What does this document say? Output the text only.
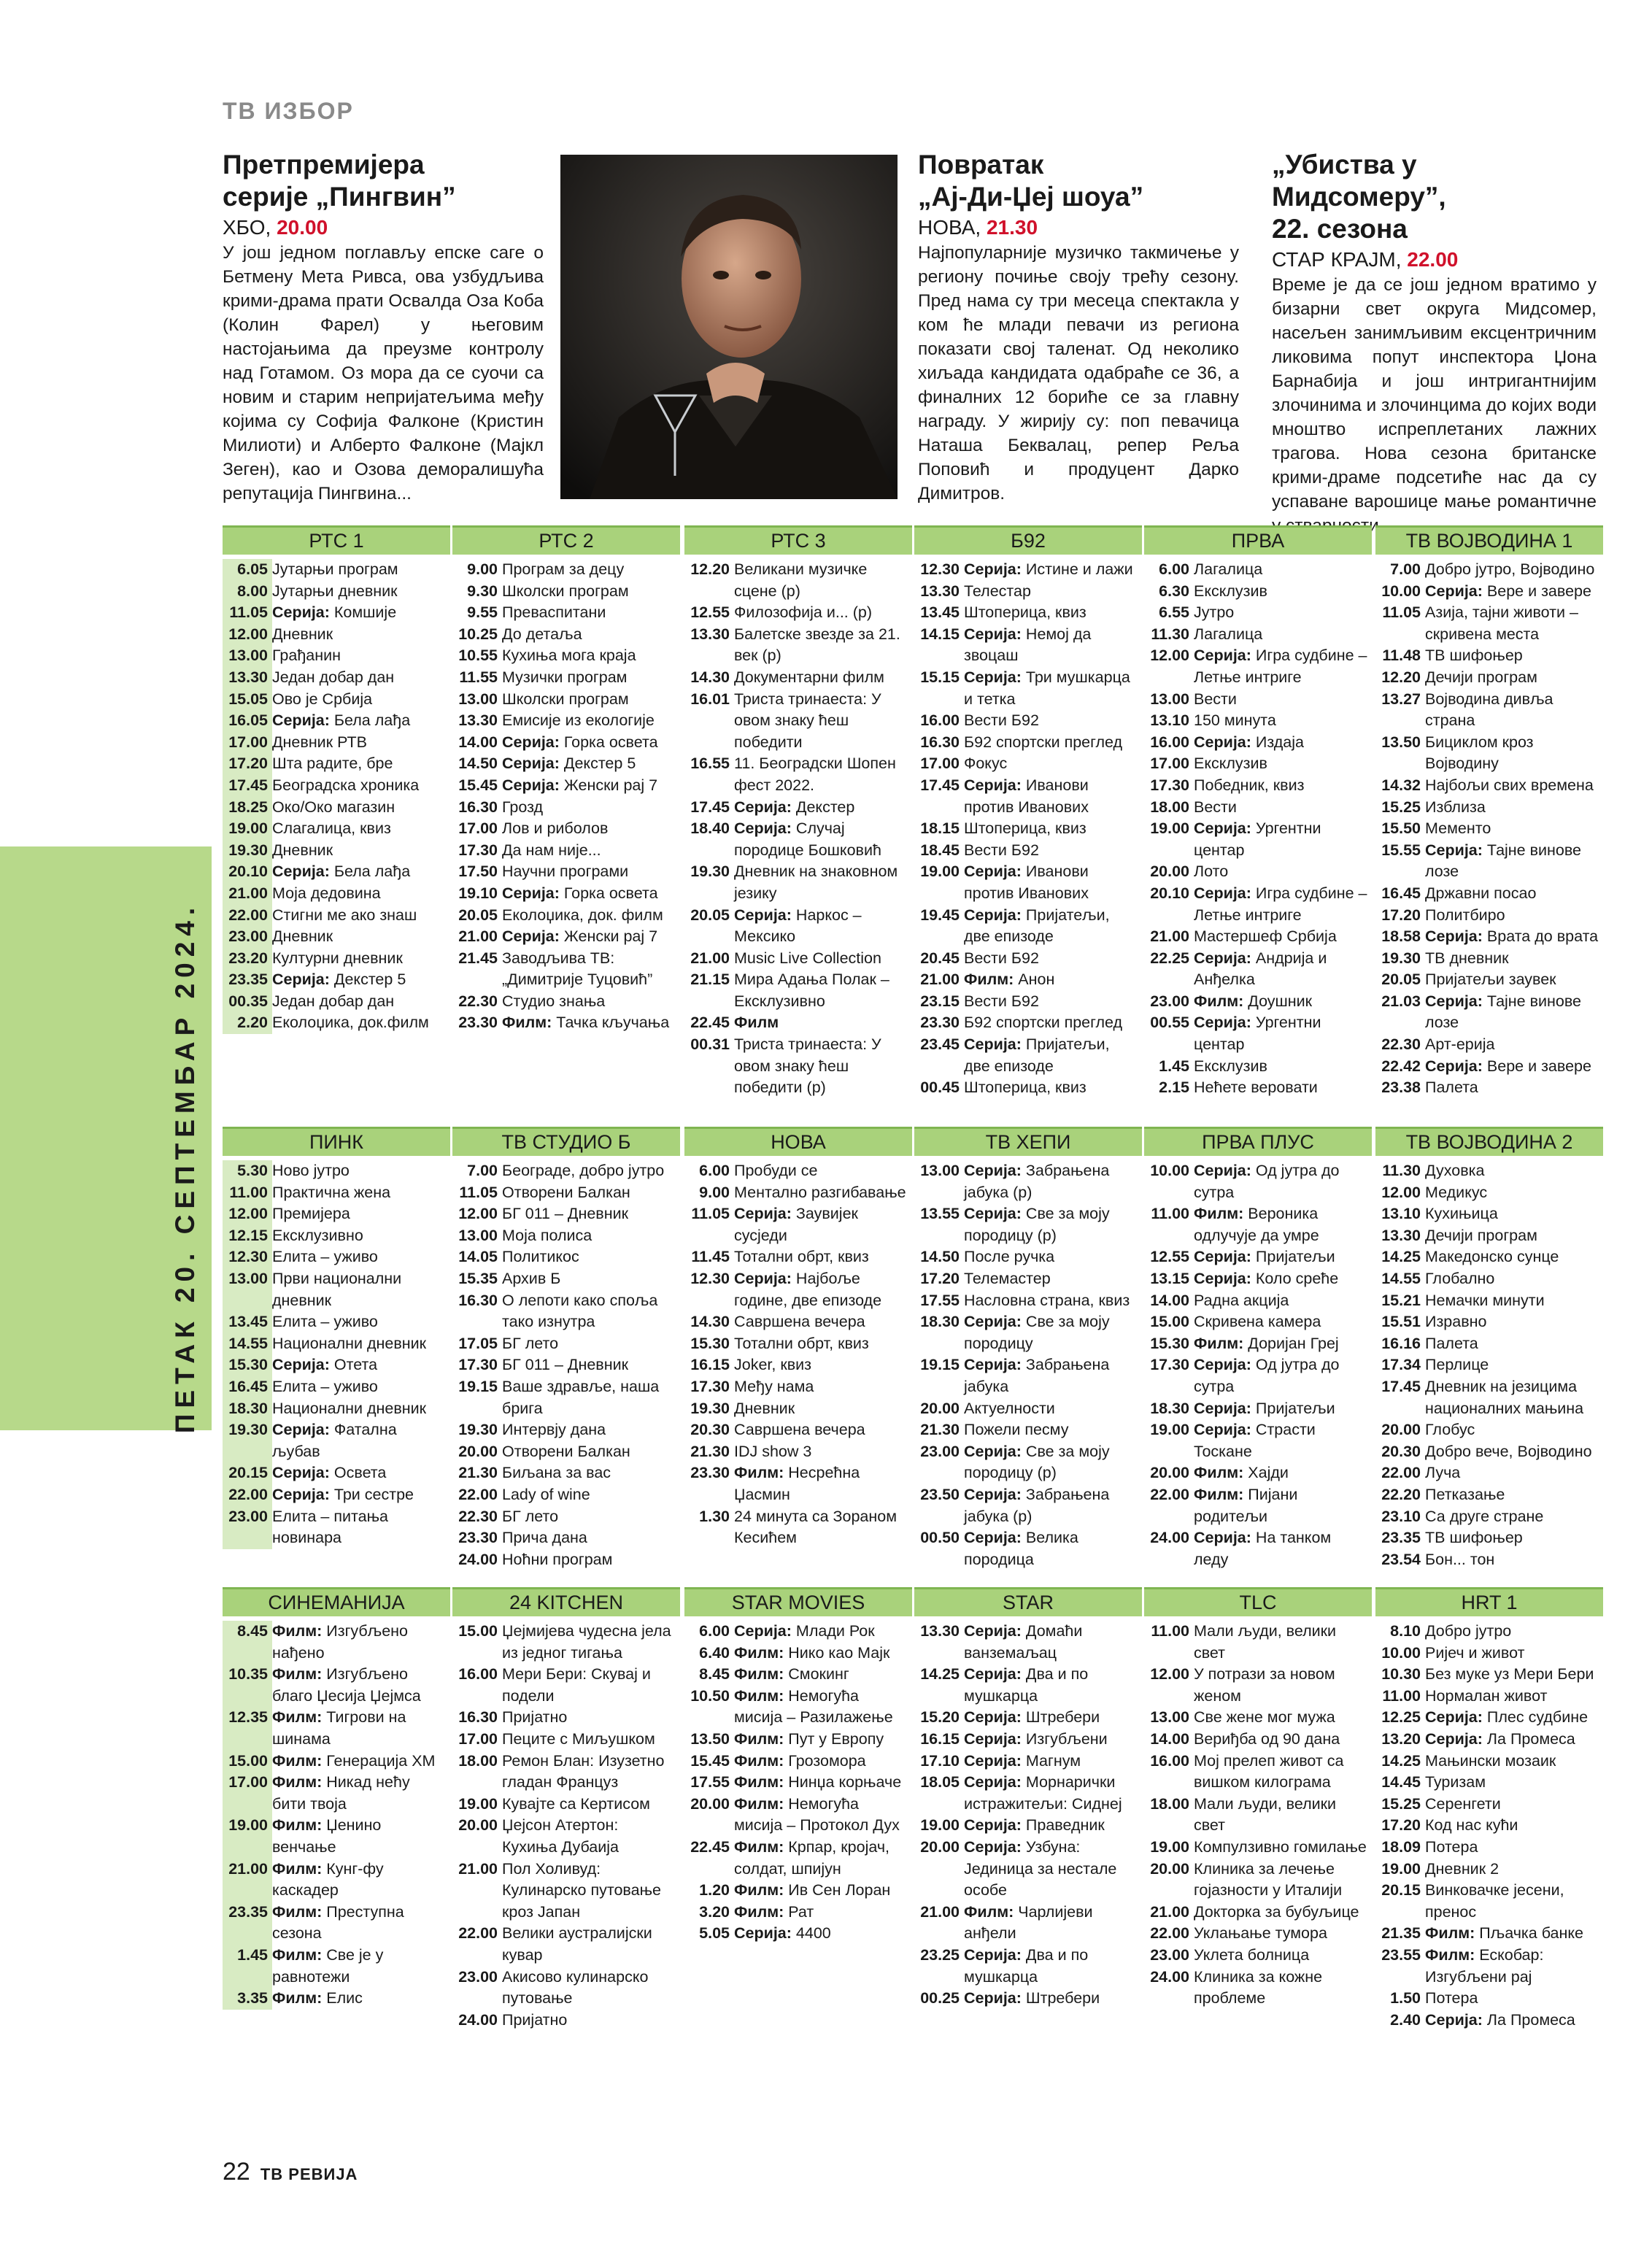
ПЕТАК 20. СЕПТЕМБАР 2024.
ТВ ИЗБОР
Претпремијера
серије „Пингвин”
ХБО, 20.00

У још једном поглављу епске саге о Бетмену Мета Ривса, ова узбудљива крими-драма прати Освалда Оза Коба (Колин Фарел) у његовим настојањима да преузме контролу над Готамом. Оз мора да се суочи са новим и старим непријатељима међу којима су Софија Фалконе (Кристин Милиоти) и Алберто Фалконе (Мајкл Зеген), као и Озова деморалишућа репутација Пингвина...

Повратак
„Ај-Ди-Џеј шоуа”
НОВА, 21.30

Најпопуларније музичко такмичење у региону почиње своју трећу сезону. Пред нама су три месеца спектакла у ком ће млади певачи из региона показати свој таленат. Од неколико хиљада кандидата одабраће се 36, а финалних 12 бориће се за главну награду. У жирију су: поп певачица Наташа Беквалац, репер Рељa Поповић и продуцент Дарко Димитров.

„Убиства у Мидсомеру”,
22. сезона
СТАР КРАЈМ, 22.00

Време је да се још једном вратимо у бизарни свет округа Мидсомер, насељен занимљивим ексцентричним ликовима попут инспектора Џона Барнабија и још интригантнијим злочинима и злочинцима до којих води мноштво испреплетаних лажних трагова. Нова сезона британске крими-драме подсетиће нас да су успаване варошице мање романтичне

РТС 1
6.05 Јутарњи програм
8.00 Јутарњи дневник
11.05 Серија: Комшије
12.00 Дневник
13.00 Грађанин
13.30 Један добар дан
15.05 Ово је Србија
16.05 Серија: Бела лађа
17.00 Дневник РТВ
17.20 Шта радите, бре
17.45 Београдска хроника
18.25 Око/Око магазин
19.00 Слагалица, квиз
19.30 Дневник
20.10 Серија: Бела лађа
21.00 Моја дедовина
22.00 Стигни ме ако знаш
23.00 Дневник
23.20 Културни дневник
23.35 Серија: Декстер 5
00.35 Један добар дан
2.20 Еколоџика, док.филм
РТС 2
9.00 Програм за децу
9.30 Школски програм
9.55 Преваспитани
10.25 До детаља
10.55 Кухиња мога краја
11.55 Музички програм
13.00 Школски програм
13.30 Емисије из екологије
14.00 Серија: Горка освета
14.50 Серија: Декстер 5
15.45 Серија: Женски рај 7
16.30 Грозд
17.00 Лов и риболов
17.30 Да нам није...
17.50 Научни програми
19.10 Серија: Горка освета
20.05 Еколоџика, док. филм
21.00 Серија: Женски рај 7
21.45 Заводљива ТВ: „Димитрије Туцовић”
22.30 Студио знања
23.30 Филм: Тачка кључања
РТС 3
12.20 Великани музичке сцене (р)
12.55 Филозофија и... (р)
13.30 Балетске звезде за 21. век (р)
14.30 Документарни филм
16.01 Триста тринаеста: У овом знаку ћеш победити
16.55 11. Београдски Шопен фест 2022.
17.45 Серија: Декстер
18.40 Серија: Случај породице Бошковић
19.30 Дневник на знаковном језику
20.05 Серија: Наркос – Мексико
21.00 Music Live Collection
21.15 Мира Адања Полак – Ексклузивно
22.45 Филм
00.31 Триста тринаеста: У овом знаку ћеш победити (р)
Б92
12.30 Серија: Истине и лажи
13.30 Телестар
13.45 Штоперица, квиз
14.15 Серија: Немој да звоцаш
15.15 Серија: Три мушкарца и тетка
16.00 Вести Б92
16.30 Б92 спортски преглед
17.00 Фокус
17.45 Серија: Иванови против Иванових
18.15 Штоперица, квиз
18.45 Вести Б92
19.00 Серија: Иванови против Иванових
19.45 Серија: Пријатељи, две епизоде
20.45 Вести Б92
21.00 Филм: Анон
23.15 Вести Б92
23.30 Б92 спортски преглед
23.45 Серија: Пријатељи, две епизоде
00.45 Штоперица, квиз
ПРВА
6.00 Лагалица
6.30 Ексклузив
6.55 Јутро
11.30 Лагалица
12.00 Серија: Игра судбине – Летње интриге
13.00 Вести
13.10 150 минута
16.00 Серија: Издаја
17.00 Ексклузив
17.30 Победник, квиз
18.00 Вести
19.00 Серија: Ургентни центар
20.00 Лото
20.10 Серија: Игра судбине – Летње интриге
21.00 Мастершеф Србија
22.25 Серија: Андрија и Анђелка
23.00 Филм: Доушник
00.55 Серија: Ургентни центар
1.45 Ексклузив
2.15 Нећете веровати
ТВ ВОЈВОДИНА 1
7.00 Добро јутро, Војводино
10.00 Серија: Вере и завере
11.05 Азија, тајни животи –скривена места
11.48 ТВ шифоњер
12.20 Дечији програм
13.27 Војводина дивља страна
13.50 Бициклом кроз Војводину
14.32 Најбољи свих времена
15.25 Изблиза
15.50 Мементо
15.55 Серија: Тајне винове лозе
16.45 Државни посао
17.20 Политбиро
18.58 Серија: Врата до врата
19.30 ТВ дневник
20.05 Пријатељи заувек
21.03 Серија: Тајне винове лозе
22.30 Арт-ерија
22.42 Серија: Вере и завере
23.38 Палета
ПИНК
5.30 Ново јутро
11.00 Практична жена
12.00 Премијера
12.15 Ексклузивно
12.30 Елита – уживо
13.00 Први национални дневник
13.45 Елита – уживо
14.55 Национални дневник
15.30 Серија: Отета
16.45 Елита – уживо
18.30 Национални дневник
19.30 Серија: Фатална љубав
20.15 Серија: Освета
22.00 Серија: Три сестре
23.00 Елита – питања новинара
ТВ СТУДИО Б
7.00 Београде, добро јутро
11.05 Отворени Балкан
12.00 БГ 011 – Дневник
13.00 Моја полиса
14.05 Политикос
15.35 Архив Б
16.30 О лепоти како споља тако изнутра
17.05 БГ лето
17.30 БГ 011 – Дневник
19.15 Ваше здравље, наша брига
19.30 Интервју дана
20.00 Отворени Балкан
21.30 Биљана за вас
22.00 Lady of wine
22.30 БГ лето
23.30 Прича дана
24.00 Ноћни програм
НОВА
6.00 Пробуди се
9.00 Ментално разгибавање
11.05 Серија: Заувијек сусједи
11.45 Тотални обрт, квиз
12.30 Серија: Најбоље године, две епизоде
14.30 Савршена вечера
15.30 Тотални обрт, квиз
16.15 Joker, квиз
17.30 Међу нама
19.30 Дневник
20.30 Савршена вечера
21.30 IDJ show 3
23.30 Филм: Несрећна Џасмин
1.30 24 минута са Зораном Кесићем
ТВ ХЕПИ
13.00 Серија: Забрањена јабука (р)
13.55 Серија: Све за моју породицу (р)
14.50 После ручка
17.20 Телемастер
17.55 Насловна страна, квиз
18.30 Серија: Све за моју породицу
19.15 Серија: Забрањена јабука
20.00 Актуелности
21.30 Пожели песму
23.00 Серија: Све за моју породицу (р)
23.50 Серија: Забрањена јабука (р)
00.50 Серија: Велика породица
ПРВА ПЛУС
10.00 Серија: Од јутра до сутра
11.00 Филм: Вероника одлучује да умре
12.55 Серија: Пријатељи
13.15 Серија: Коло среће
14.00 Радна акција
15.00 Скривена камера
15.30 Филм: Доријан Греј
17.30 Серија: Од јутра до сутра
18.30 Серија: Пријатељи
19.00 Серија: Страсти Тоскане
20.00 Филм: Хајди
22.00 Филм: Пијани родитељи
24.00 Серија: На танком леду
ТВ ВОЈВОДИНА 2
11.30 Духовка
12.00 Медикус
13.10 Кухињица
13.30 Дечији програм
14.25 Македонско сунце
14.55 Глобално
15.21 Немачки минути
15.51 Изравно
16.16 Палета
17.34 Перлице
17.45 Дневник на језицима националних мањина
20.00 Глобус
20.30 Добро вече, Војводино
22.00 Луча
22.20 Петказање
23.10 Са друге стране
23.35 ТВ шифоњер
23.54 Бон... тон
СИНЕМАНИЈА
8.45 Филм: Изгубљено нађено
10.35 Филм: Изгубљено благо Џесија Џејмса
12.35 Филм: Тигрови на шинама
15.00 Филм: Генерација ХМ
17.00 Филм: Никад нећу бити твоја
19.00 Филм: Џенино венчање
21.00 Филм: Кунг-фу каскадер
23.35 Филм: Преступна сезона
1.45 Филм: Све је у равнотежи
3.35 Филм: Елис
24 KITCHEN
15.00 Џејмијева чудесна јела из једног тигања
16.00 Мери Бери: Скувај и подели
16.30 Пријатно
17.00 Пеците с Миљушком
18.00 Ремон Блан: Изузетно гладан Француз
19.00 Кувајте са Кертисом
20.00 Џејсон Атертон: Кухиња Дубаија
21.00 Пол Холивуд: Кулинарско путовање кроз Јапан
22.00 Велики аустралијски кувар
23.00 Акисово кулинарско путовање
24.00 Пријатно
STAR MOVIES
6.00 Серија: Млади Рок
6.40 Филм: Нико као Мајк
8.45 Филм: Смокинг
10.50 Филм: Немогућа мисија – Разилажење
13.50 Филм: Пут у Европу
15.45 Филм: Грозомора
17.55 Филм: Нинџа корњаче
20.00 Филм: Немогућа мисија – Протокол Дух
22.45 Филм: Крпар, кројач, солдат, шпијун
1.20 Филм: Ив Сен Лоран
3.20 Филм: Рат
5.05 Серија: 4400
STAR
13.30 Серија: Домаћи ванземаљац
14.25 Серија: Два и по мушкарца
15.20 Серија: Штребери
16.15 Серија: Изгубљени
17.10 Серија: Магнум
18.05 Серија: Морнарички истражитељи: Сиднеј
19.00 Серија: Праведник
20.00 Серија: Узбуна: Јединица за нестале особе
21.00 Филм: Чарлијеви анђели
23.25 Серија: Два и по мушкарца
00.25 Серија: Штребери
TLC
11.00 Мали људи, велики свет
12.00 У потрази за новом женом
13.00 Све жене мог мужа
14.00 Вериђба од 90 дана
16.00 Мој прелеп живот са вишком килограма
18.00 Мали људи, велики свет
19.00 Компулзивно гомилање
20.00 Клиника за лечење гојазности у Италији
21.00 Докторка за бубуљице
22.00 Уклањање тумора
23.00 Уклета болница
24.00 Клиника за кожне проблеме
HRT 1
8.10 Добро јутро
10.00 Ријеч и живот
10.30 Без муке уз Мери Бери
11.00 Нормалан живот
12.25 Серија: Плес судбине
13.20 Серија: Ла Промеса
14.25 Мањински мозаик
14.45 Туризам
15.25 Серенгети
17.20 Код нас кући
18.09 Потера
19.00 Дневник 2
20.15 Винковачке јесени, пренос
21.35 Филм: Пљачка банке
23.55 Филм: Ескобар: Изгубљени рај
1.50 Потера
2.40 Серија: Ла Промеса
22 ТВ РЕВИЈА
